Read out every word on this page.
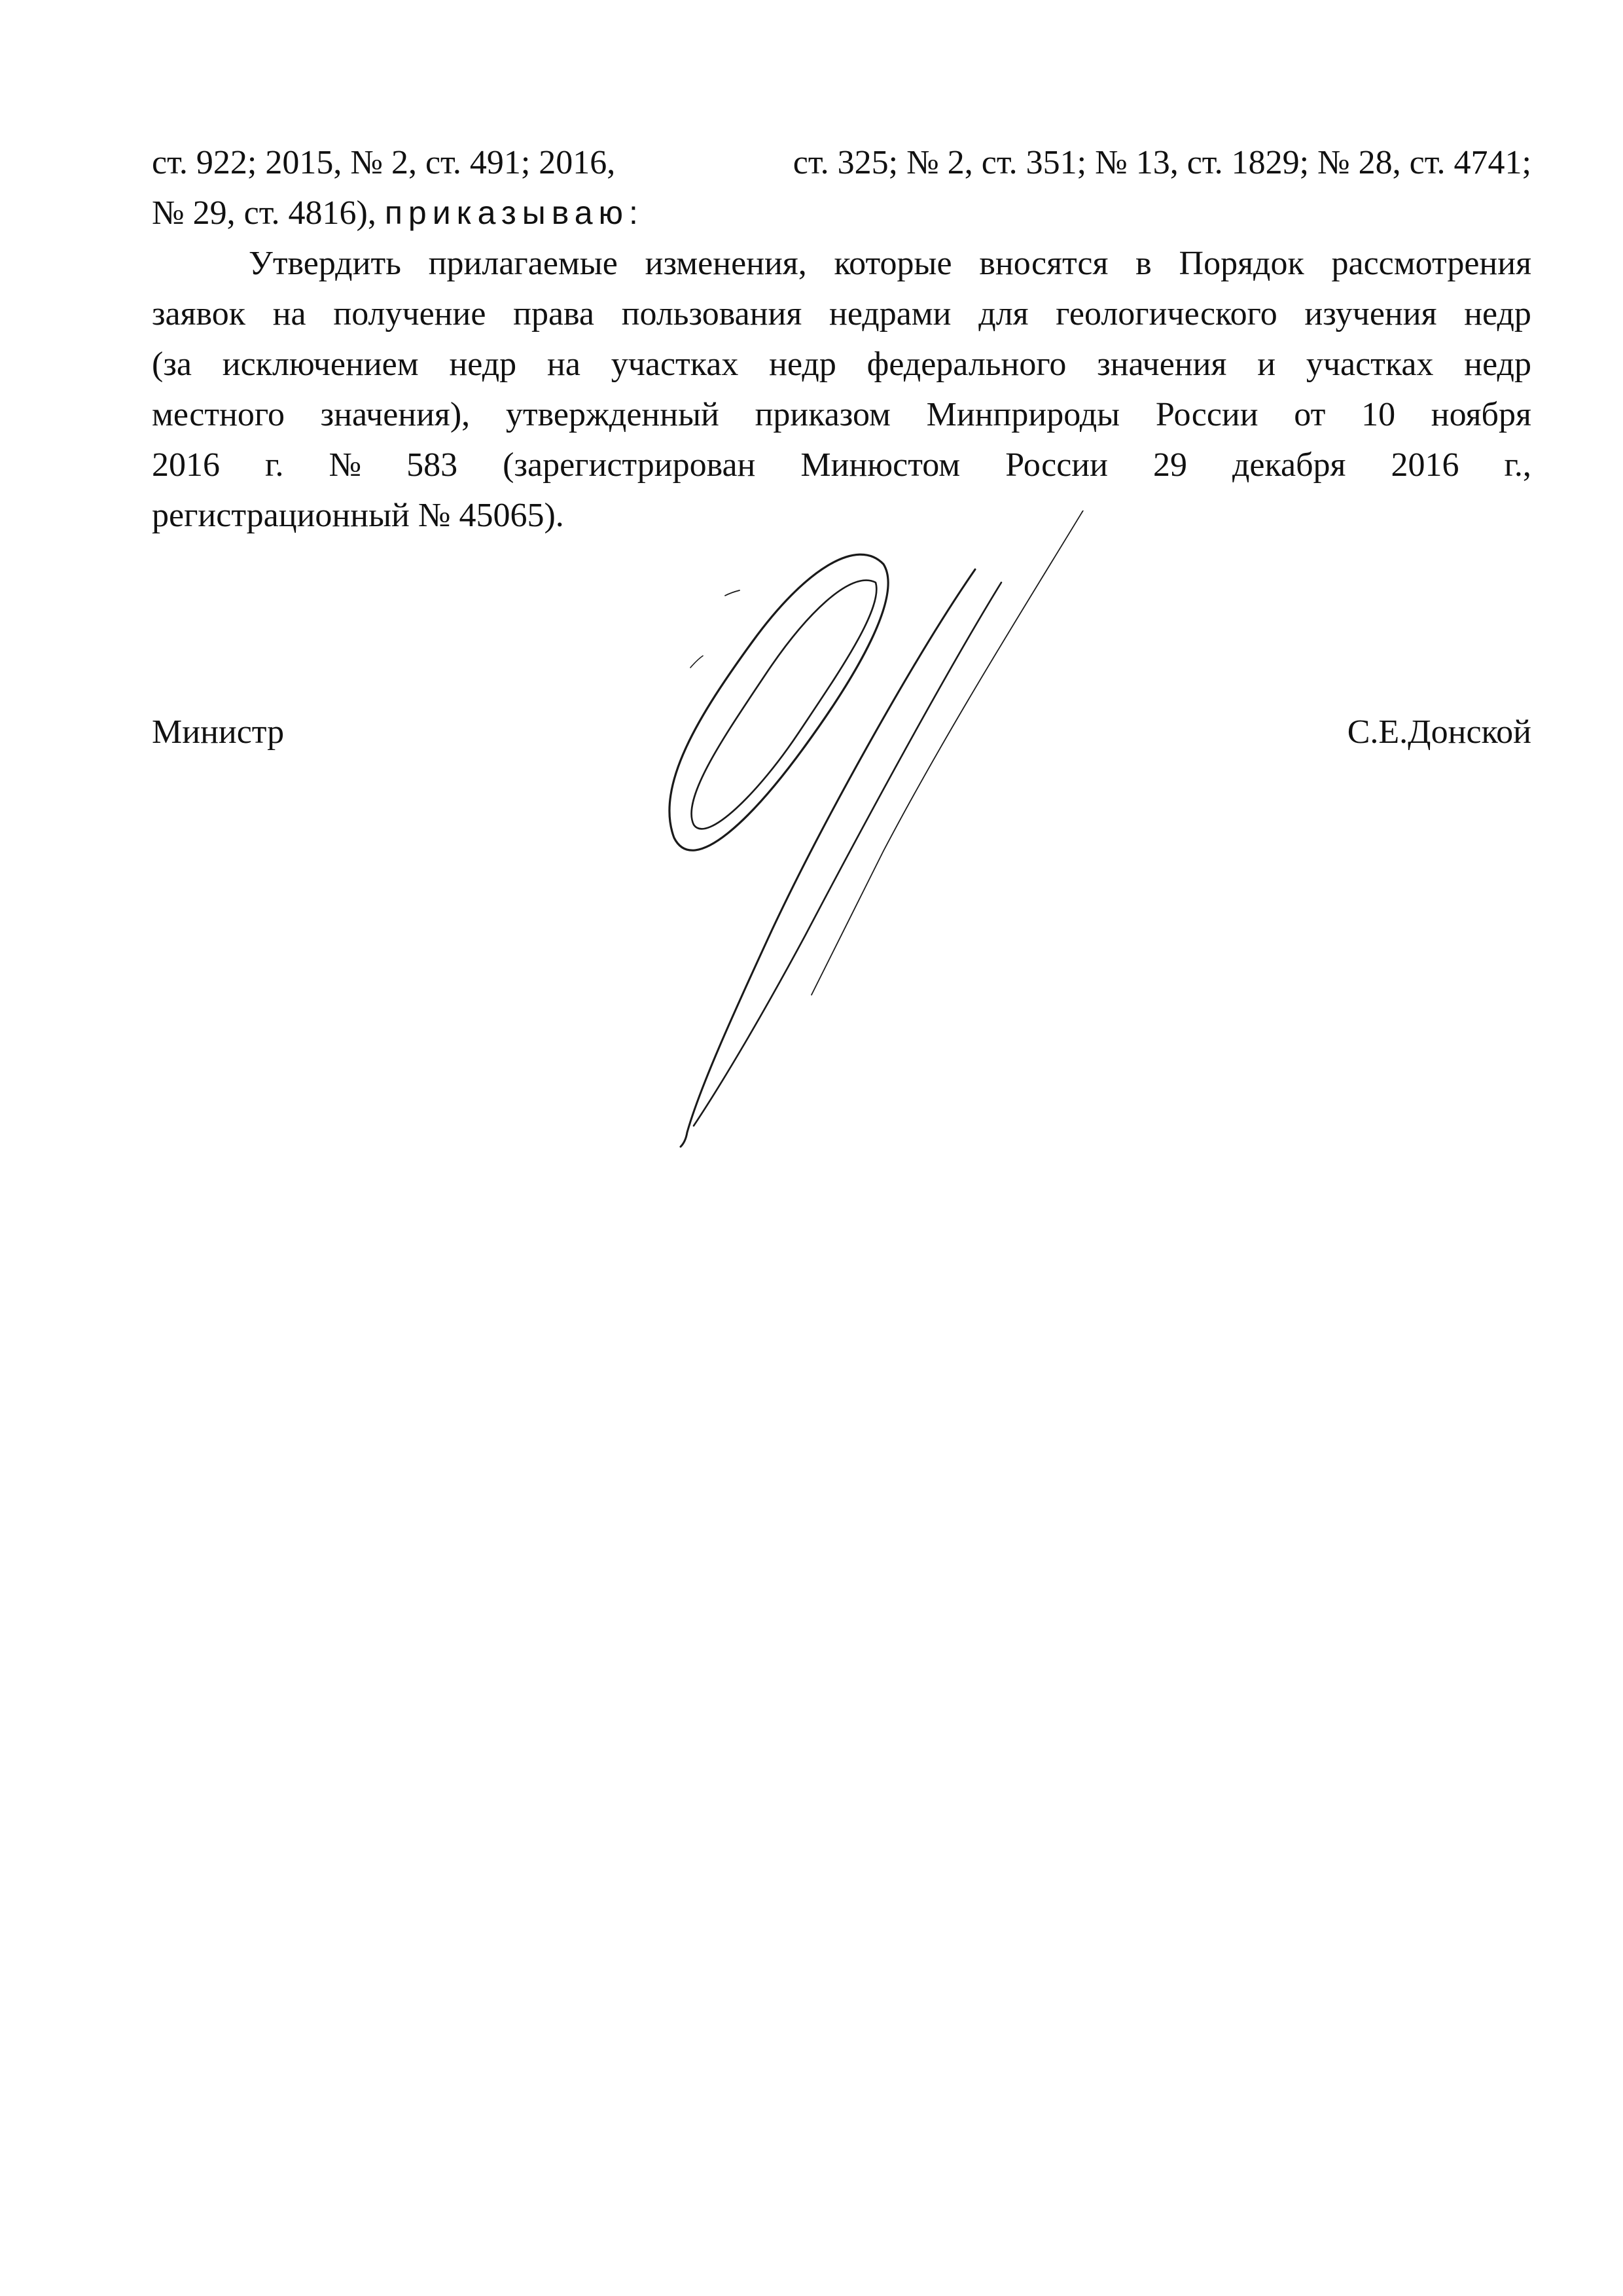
ст. 922; 2015, № 2, ст. 491; 2016,	ст. 325; № 2, ст. 351; № 13, ст. 1829; № 28, ст. 4741;
№ 29, ст. 4816), приказываю:
Утвердить прилагаемые изменения, которые вносятся в Порядок рассмотрения
заявок на получение права пользования недрами для геологического изучения недр
(за исключением недр на участках недр федерального значения и участках недр
местного значения), утвержденный приказом Минприроды России от 10 ноября
2016 г. № 583 (зарегистрирован Минюстом России 29 декабря 2016 г.,
регистрационный № 45065).
Министр	С.Е.Донской
